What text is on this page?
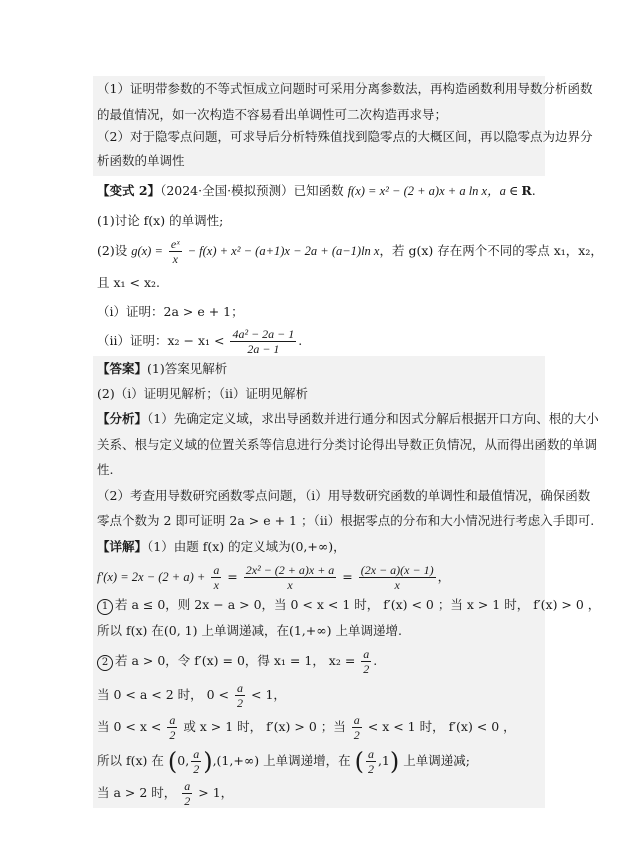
（1）证明带参数的不等式恒成立问题时可采用分离参数法，再构造函数利用导数分析函数
的最值情况，如一次构造不容易看出单调性可二次构造再求导；
（2）对于隐零点问题，可求导后分析特殊值找到隐零点的大概区间，再以隐零点为边界分
析函数的单调性
【变式 2】（2024·全国·模拟预测）已知函数 f(x) = x² − (2 + a)x + a ln x，a ∈ R.
(1)讨论 f(x) 的单调性;
(2)设 $g(x) = \frac{\text{eˣ}}{x} - f(x) + x^2 - (a+1)x - 2a + (a-1)\ln$ x，若 g(x) 存在两个不同的零点 x₁，x₂，
且 x₁ < x₂.
（i）证明：2a > e + 1；
（ii）证明：$x_2 - x_1 < \frac{\text{4a² − 2a − 1}}{2a - 1}$ .
【答案】(1)答案见解析
(2)（i）证明见解析；（ii）证明见解析
【分析】（1）先确定定义域，求出导函数并进行通分和因式分解后根据开口方向、根的大小
关系、根与定义域的位置关系等信息进行分类讨论得出导数正负情况，从而得出函数的单调
性.
（2）考查用导数研究函数零点问题，（i）用导数研究函数的单调性和最值情况，确保函数
零点个数为 2 即可证明 2a > e + 1 ；（ii）根据零点的分布和大小情况进行考虑入手即可.
【详解】（1）由题 f(x) 的定义域为(0,+∞)，
$f'(x) = 2x - (2 + a) + \frac{a}{x} = \frac{\text{2x² − (2 + a)x + a}}{x} = \frac{(2x - a)(x - 1)}{x}$ ，
1 若 a ≤ 0，则 2x − a > 0，当 0 < x < 1 时， f′(x) < 0 ；当 x > 1 时， f′(x) > 0 ，
所以 f(x) 在(0, 1) 上单调递减，在(1,+∞) 上单调递增.
2 若 a > 0，令 f′(x) = 0，得 x₁ = 1， $x_2 = \frac{a}{2}$ .
当 0 < a < 2 时， $0 < \frac{a}{2} < 1$，
当 $0 < x < \frac{a}{2}$ 或 x > 1 时， f′(x) > 0 ；当 $\frac{a}{2} < x < 1$ 时， f′(x) < 0 ，
所以 f(x) 在 (0, $\frac{a}{2} ),(1,+\infty)$ 上单调递增，在 ( $\frac{a}{2} ,1$) 上单调递减;
当 a > 2 时， $\frac{a}{2} > 1$，
